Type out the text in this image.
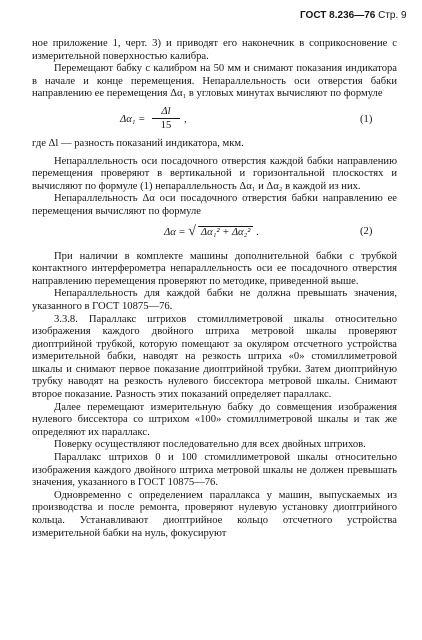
ГОСТ 8.236—76 Стр. 9

ное приложение 1, черт. 3) и приводят его наконечник в соприкосновение с измерительной поверхностью калибра.

Перемещают бабку с калибром на 50 мм и снимают показания индикатора в начале и конце перемещения. Непараллельность оси отверстия бабки направлению ее перемещения Δα₁ в угловых минутах вычисляют по формуле

$\Delta\alpha_1 = \frac{\Delta l}{15}$ ,	(1)

где Δl — разность показаний индикатора, мкм.

Непараллельность оси посадочного отверстия каждой бабки направлению перемещения проверяют в вертикальной и горизонтальной плоскостях и вычисляют по формуле (1) непараллельность Δα₁ и Δα₂ в каждой из них.

Непараллельность Δα оси посадочного отверстия бабки направлению ее перемещения вычисляют по формуле

Δα = √ Δα₁² + Δα₂² .	(2)

При наличии в комплекте машины дополнительной бабки с трубкой контактного интерферометра непараллельность оси ее посадочного отверстия направлению перемещения проверяют по методике, приведенной выше.

Непараллельность для каждой бабки не должна превышать значения, указанного в ГОСТ 10875—76.

3.3.8. Параллакс штрихов стомиллиметровой шкалы относительно изображения каждого двойного штриха метровой шкалы проверяют диоптрийной трубкой, которую помещают за окуляром отсчетного устройства измерительной бабки, наводят на резкость штриха «0» стомиллиметровой шкалы и снимают первое показание диоптрийной трубки. Затем диоптрийную трубку наводят на резкость нулевого биссектора метровой шкалы. Снимают второе показание. Разность этих показаний определяет параллакс.

Далее перемещают измерительную бабку до совмещения изображения нулевого биссектора со штрихом «100» стомиллиметровой шкалы и так же определяют их параллакс.

Поверку осуществляют последовательно для всех двойных штрихов.

Параллакс штрихов 0 и 100 стомиллиметровой шкалы относительно изображения каждого двойного штриха метровой шкалы не должен превышать значения, указанного в ГОСТ 10875—76.

Одновременно с определением параллакса у машин, выпускаемых из производства и после ремонта, проверяют нулевую установку диоптрийного кольца. Устанавливают диоптрийное кольцо отсчетного устройства измерительной бабки на нуль, фокусируют
